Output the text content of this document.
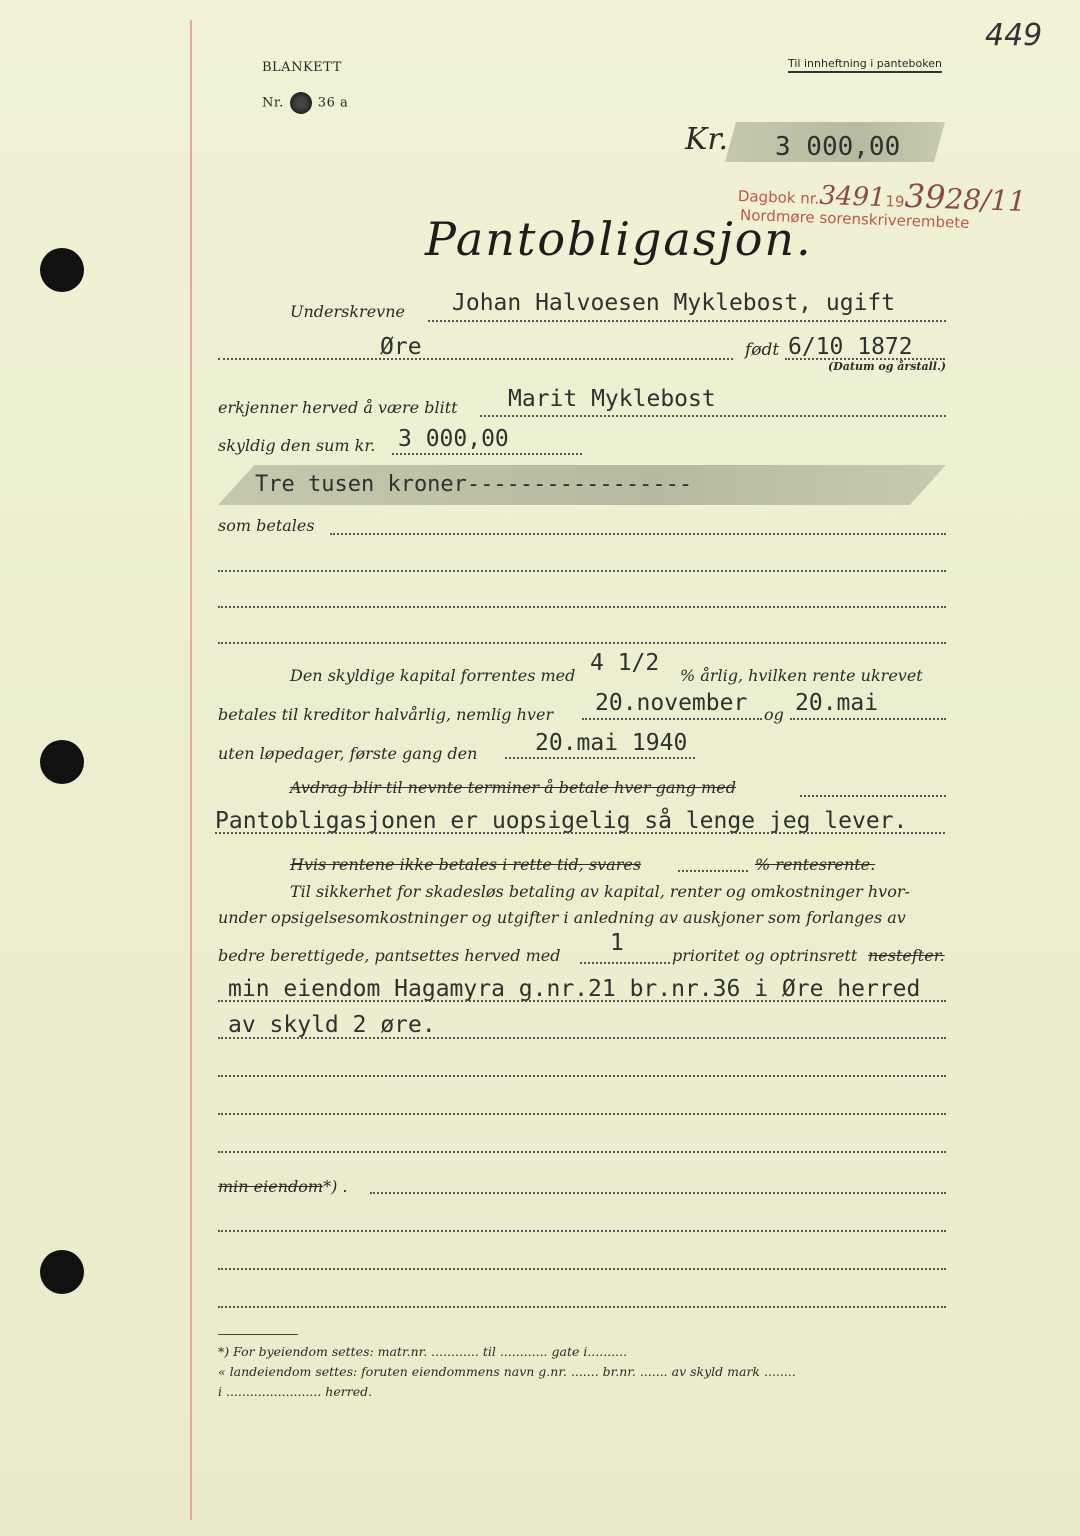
449
BLANKETT
Nr.	36 a
Til innheftning i panteboken
Kr. 3 000,00
Dagbok nr.3491193928/11
Nordmøre sorenskriverembete
Pantobligasjon.
Underskrevne Johan Halvoesen Myklebost, ugift
Øre	født 6/10 1872
(Datum og årstall.)
erkjenner herved å være blitt Marit Myklebost
skyldig den sum kr. 3 000,00
Tre tusen kroner-----------------
som betales
Den skyldige kapital forrentes med 4 1/2 % årlig, hvilken rente ukrevet
betales til kreditor halvårlig, nemlig hver 20.november og 20.mai
uten løpedager, første gang den	20.mai 1940
Avdrag blir til nevnte terminer å betale hver gang med
Pantobligasjonen er uopsigelig så lenge jeg lever.
Hvis rentene ikke betales i rette tid, svares	% rentesrente.
Til sikkerhet for skadesløs betaling av kapital, renter og omkostninger hvor-
under opsigelsesomkostninger og utgifter i anledning av auskjoner som forlanges av
bedre berettigede, pantsettes herved med 1	prioritet og optrinsrett nestefter.
min eiendom Hagamyra g.nr.21 br.nr.36 i Øre herred
av skyld 2 øre.
min eiendom*) .
*) For byeiendom settes: matr.nr. ............ til ............ gate i..........
« landeiendom settes: foruten eiendommens navn g.nr. ....... br.nr. ....... av skyld mark ........
i ........................ herred.
